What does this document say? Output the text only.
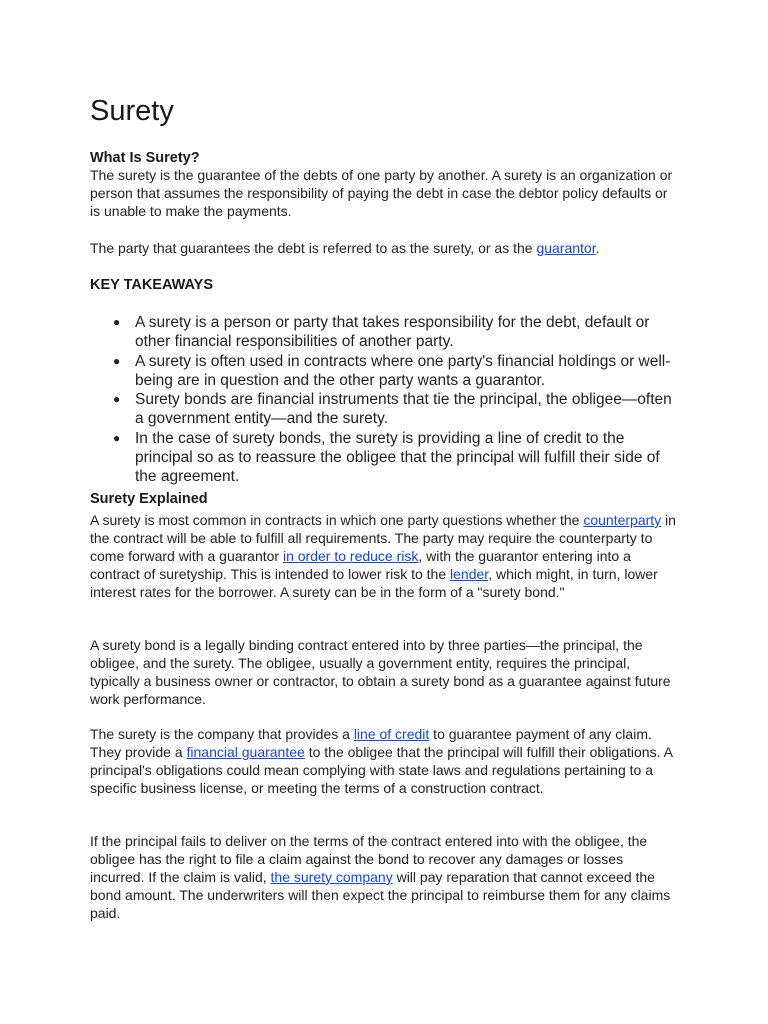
Surety
What Is Surety?

The surety is the guarantee of the debts of one party by another. A surety is an organization or person that assumes the responsibility of paying the debt in case the debtor policy defaults or is unable to make the payments.

The party that guarantees the debt is referred to as the surety, or as the guarantor.

KEY TAKEAWAYS
● A surety is a person or party that takes responsibility for the debt, default or other financial responsibilities of another party.
● A surety is often used in contracts where one party's financial holdings or well-being are in question and the other party wants a guarantor.
● Surety bonds are financial instruments that tie the principal, the obligee—often a government entity—and the surety.
● In the case of surety bonds, the surety is providing a line of credit to the principal so as to reassure the obligee that the principal will fulfill their side of the agreement.
Surety Explained

A surety is most common in contracts in which one party questions whether the counterparty in the contract will be able to fulfill all requirements. The party may require the counterparty to come forward with a guarantor in order to reduce risk, with the guarantor entering into a contract of suretyship. This is intended to lower risk to the lender, which might, in turn, lower interest rates for the borrower. A surety can be in the form of a "surety bond."

A surety bond is a legally binding contract entered into by three parties—the principal, the obligee, and the surety. The obligee, usually a government entity, requires the principal, typically a business owner or contractor, to obtain a surety bond as a guarantee against future work performance.

The surety is the company that provides a line of credit to guarantee payment of any claim. They provide a financial guarantee to the obligee that the principal will fulfill their obligations. A principal's obligations could mean complying with state laws and regulations pertaining to a specific business license, or meeting the terms of a construction contract.

If the principal fails to deliver on the terms of the contract entered into with the obligee, the obligee has the right to file a claim against the bond to recover any damages or losses incurred. If the claim is valid, the surety company will pay reparation that cannot exceed the bond amount. The underwriters will then expect the principal to reimburse them for any claims paid.
